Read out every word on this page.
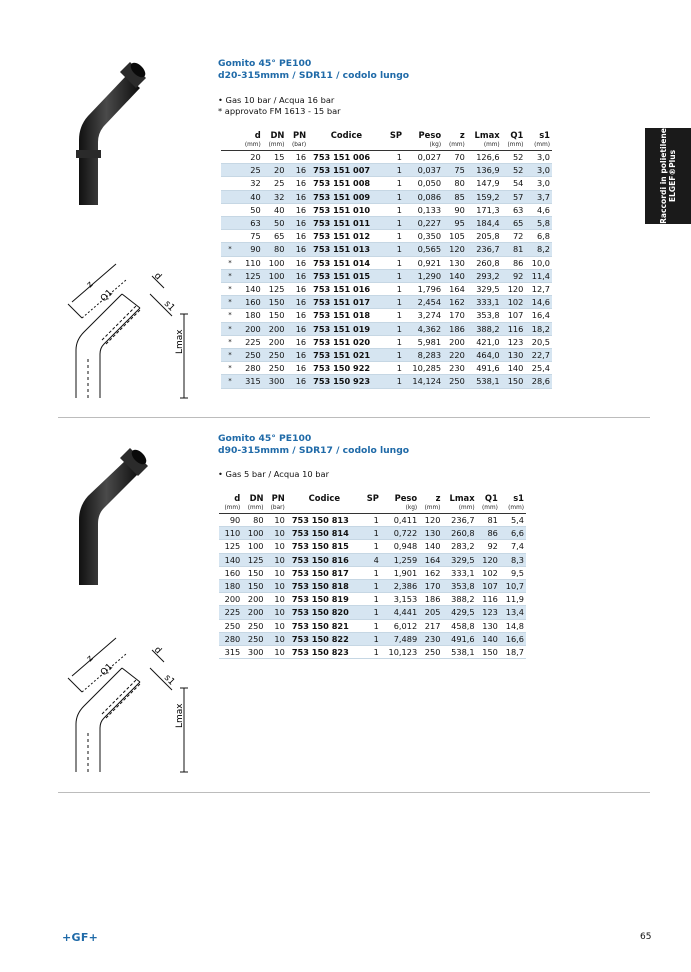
Gomito 45° PE100
d20-315mmm / SDR11 / codolo lungo
• Gas 10 bar / Acqua 16 bar
* approvato FM 1613 - 15 bar
z
Q1
d
s1
Lmax
	d	DN	PN	Codice	SP	Peso	z	Lmax	Q1	s1
	(mm)	(mm)	(bar)			(kg)	(mm)	(mm)	(mm)	(mm)
	20	15	16	753 151 006	1	0,027	70	126,6	52	3,0
	25	20	16	753 151 007	1	0,037	75	136,9	52	3,0
	32	25	16	753 151 008	1	0,050	80	147,9	54	3,0
	40	32	16	753 151 009	1	0,086	85	159,2	57	3,7
	50	40	16	753 151 010	1	0,133	90	171,3	63	4,6
	63	50	16	753 151 011	1	0,227	95	184,4	65	5,8
	75	65	16	753 151 012	1	0,350	105	205,8	72	6,8
*	90	80	16	753 151 013	1	0,565	120	236,7	81	8,2
*	110	100	16	753 151 014	1	0,921	130	260,8	86	10,0
*	125	100	16	753 151 015	1	1,290	140	293,2	92	11,4
*	140	125	16	753 151 016	1	1,796	164	329,5	120	12,7
*	160	150	16	753 151 017	1	2,454	162	333,1	102	14,6
*	180	150	16	753 151 018	1	3,274	170	353,8	107	16,4
*	200	200	16	753 151 019	1	4,362	186	388,2	116	18,2
*	225	200	16	753 151 020	1	5,981	200	421,0	123	20,5
*	250	250	16	753 151 021	1	8,283	220	464,0	130	22,7
*	280	250	16	753 150 922	1	10,285	230	491,6	140	25,4
*	315	300	16	753 150 923	1	14,124	250	538,1	150	28,6
Gomito 45° PE100
d90-315mmm / SDR17 / codolo lungo
• Gas 5 bar / Acqua 10 bar
z
Q1
d
s1
Lmax
d	DN	PN	Codice	SP	Peso	z	Lmax	Q1	s1
(mm)	(mm)	(bar)			(kg)	(mm)	(mm)	(mm)	(mm)
90	80	10	753 150 813	1	0,411	120	236,7	81	5,4
110	100	10	753 150 814	1	0,722	130	260,8	86	6,6
125	100	10	753 150 815	1	0,948	140	283,2	92	7,4
140	125	10	753 150 816	4	1,259	164	329,5	120	8,3
160	150	10	753 150 817	1	1,901	162	333,1	102	9,5
180	150	10	753 150 818	1	2,386	170	353,8	107	10,7
200	200	10	753 150 819	1	3,153	186	388,2	116	11,9
225	200	10	753 150 820	1	4,441	205	429,5	123	13,4
250	250	10	753 150 821	1	6,012	217	458,8	130	14,8
280	250	10	753 150 822	1	7,489	230	491,6	140	16,6
315	300	10	753 150 823	1	10,123	250	538,1	150	18,7
Raccordi in polietilene ELGEF®Plus
+GF+	65
